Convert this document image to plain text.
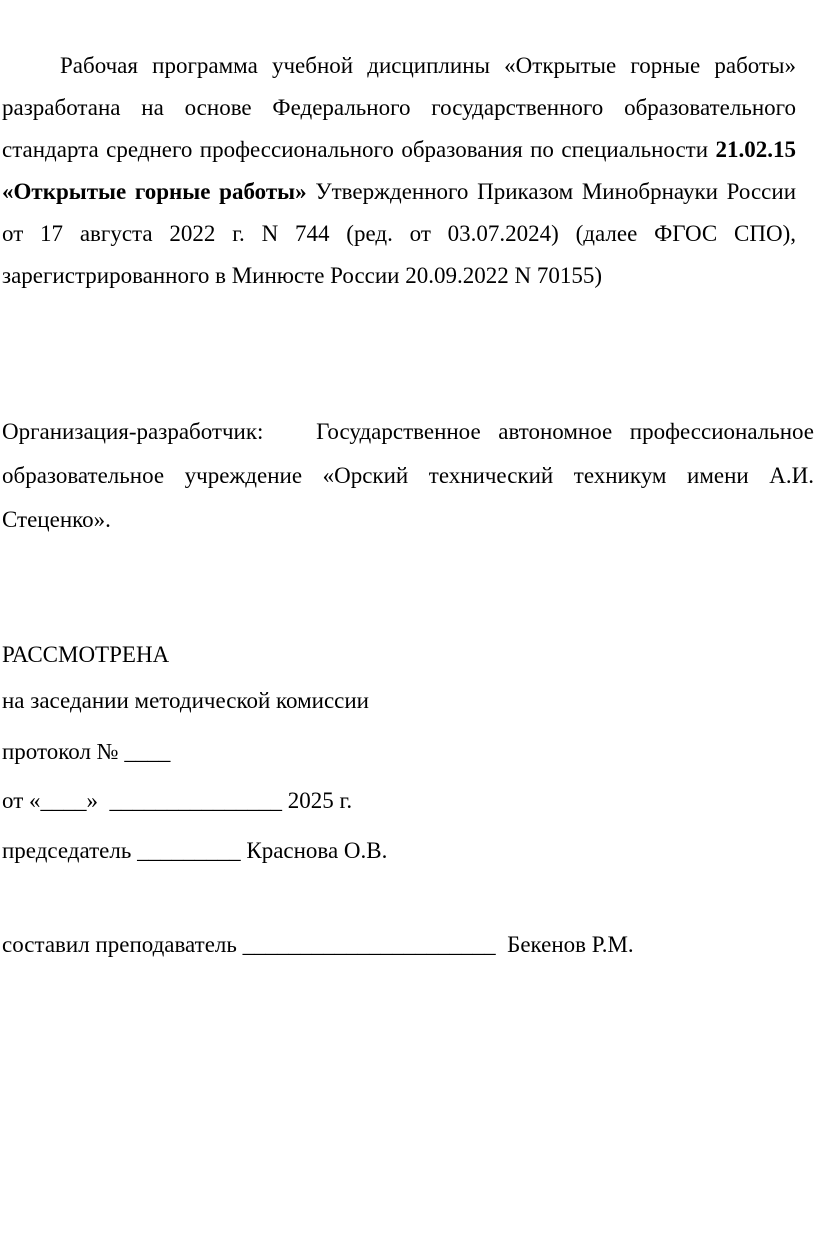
Рабочая программа учебной дисциплины «Открытые горные работы» разработана на основе Федерального государственного образовательного стандарта среднего профессионального образования по специальности 21.02.15 «Открытые горные работы» Утвержденного Приказом Минобрнауки России от 17 августа 2022 г. N 744 (ред. от 03.07.2024) (далее ФГОС СПО), зарегистрированного в Минюсте России 20.09.2022 N 70155)

Организация-разработчик: Государственное автономное профессиональное образовательное учреждение «Орский технический техникум имени А.И. Стеценко».

РАССМОТРЕНА

на заседании методической комиссии

протокол № ____

от «____»  _______________ 2025 г.

председатель _________ Краснова О.В.

составил преподаватель ______________________  Бекенов Р.М.
